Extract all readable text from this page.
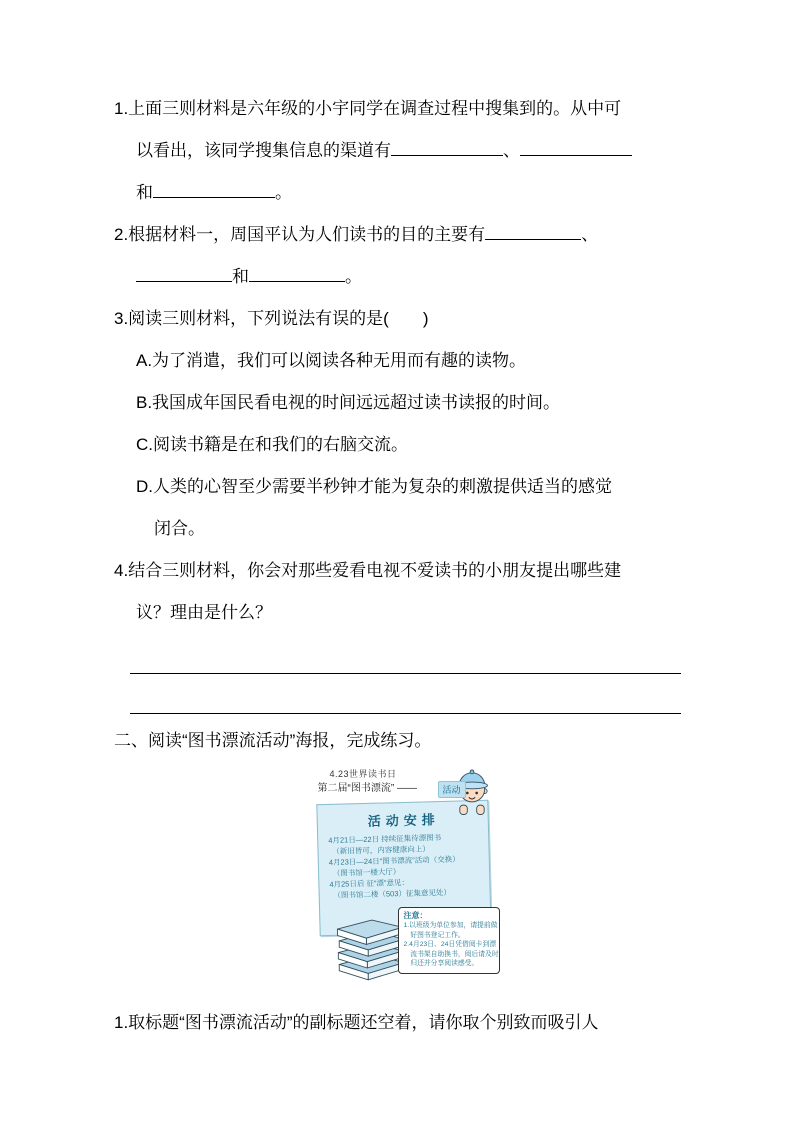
1.上面三则材料是六年级的小宇同学在调查过程中搜集到的。从中可
以看出，该同学搜集信息的渠道有	、
和	。
2.根据材料一，周国平认为人们读书的目的主要有	、
和	。
3.阅读三则材料，下列说法有误的是(　　)
A.为了消遣，我们可以阅读各种无用而有趣的读物。
B.我国成年国民看电视的时间远远超过读书读报的时间。
C.阅读书籍是在和我们的右脑交流。
D.人类的心智至少需要半秒钟才能为复杂的刺激提供适当的感觉
闭合。
4.结合三则材料，你会对那些爱看电视不爱读书的小朋友提出哪些建
议？理由是什么？
二、阅读“图书漂流活动”海报，完成练习。
4.23世界读书日
第二届“图书漂流” ——	活动
活动安排
4月21日—22日 持续征集待漂图书
　（新旧皆可，内容健康向上）
4月23日—24日“图书漂流”活动（交换）
　（图书馆一楼大厅）
4月25日后 征“漂”意见：
　（图书馆二楼（503）征集意见处）
注意：
1.以班级为单位参加，请提前做
　好图书登记工作。
2.4月23日、24日凭借阅卡到漂
　流书架自助换书，阅后请及时
　归还并分享阅读感受。
1.取标题“图书漂流活动”的副标题还空着，请你取个别致而吸引人
